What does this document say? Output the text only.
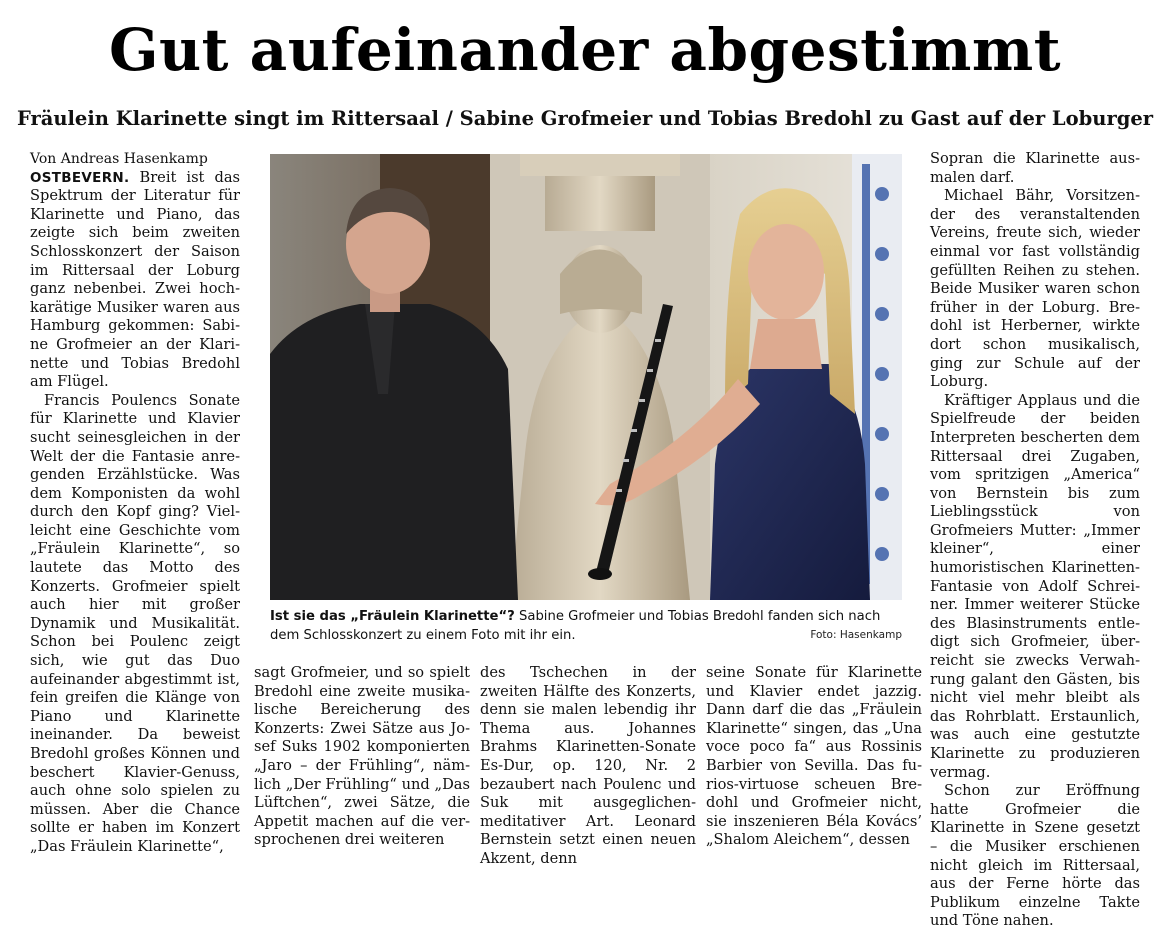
Gut aufeinander abgestimmt
Fräulein Klarinette singt im Rittersaal / Sabine Grofmeier und Tobias Bredohl zu Gast auf der Loburger

Von Andreas Hasenkamp

OSTBEVERN. Breit ist das Spektrum der Literatur für Klarinette und Piano, das zeigte sich beim zweiten Schlosskonzert der Saison im Rittersaal der Loburg ganz nebenbei. Zwei hochkarätige Musiker waren aus Hamburg gekommen: Sabine Grofmeier an der Klarinette und Tobias Bredohl am Flügel.

Francis Poulencs Sonate für Klarinette und Klavier sucht seinesgleichen in der Welt der die Fantasie anregenden Erzählstücke. Was dem Komponisten da wohl durch den Kopf ging? Vielleicht eine Geschichte vom „Fräulein Klarinette“, so lautete das Motto des Konzerts. Grofmeier spielt auch hier mit großer Dynamik und Musikalität. Schon bei Poulenc zeigt sich, wie gut das Duo aufeinander abgestimmt ist, fein greifen die Klänge von Piano und Klarinette ineinander. Da beweist Bredohl großes Können und beschert Klavier-Genuss, auch ohne solo spielen zu müssen. Aber die Chance sollte er haben im Konzert „Das Fräulein Klarinette“,

Ist sie das „Fräulein Klarinette“? Sabine Grofmeier und Tobias Bredohl fanden sich nach dem Schlosskonzert zu einem Foto mit ihr ein.	Foto: Hasenkamp

sagt Grofmeier, und so spielt Bredohl eine zweite musikalische Bereicherung des Konzerts: Zwei Sätze aus Josef Suks 1902 komponierten „Jaro – der Frühling“, nämlich „Der Frühling“ und „Das Lüftchen“, zwei Sätze, die Appetit machen auf die versprochenen drei weiteren

des Tschechen in der zweiten Hälfte des Konzerts, denn sie malen lebendig ihr Thema aus. Johannes Brahms Klarinetten-Sonate Es-Dur, op. 120, Nr. 2 bezaubert nach Poulenc und Suk mit ausgeglichen-meditativer Art. Leonard Bernstein setzt einen neuen Akzent, denn

seine Sonate für Klarinette und Klavier endet jazzig. Dann darf die das „Fräulein Klarinette“ singen, das „Una voce poco fa“ aus Rossinis Barbier von Sevilla. Das furios-virtuose scheuen Bredohl und Grofmeier nicht, sie inszenieren Béla Kovács’ „Shalom Aleichem“, dessen

Sopran die Klarinette ausmalen darf.

Michael Bähr, Vorsitzender des veranstaltenden Vereins, freute sich, wieder einmal vor fast vollständig gefüllten Reihen zu stehen. Beide Musiker waren schon früher in der Loburg. Bredohl ist Herberner, wirkte dort schon musikalisch, ging zur Schule auf der Loburg.

Kräftiger Applaus und die Spielfreude der beiden Interpreten bescherten dem Rittersaal drei Zugaben, vom spritzigen „America“ von Bernstein bis zum Lieblingsstück von Grofmeiers Mutter: „Immer kleiner“, einer humoristischen Klarinetten-Fantasie von Adolf Schreiner. Immer weiterer Stücke des Blasinstruments entledigt sich Grofmeier, überreicht sie zwecks Verwahrung galant den Gästen, bis nicht viel mehr bleibt als das Rohrblatt. Erstaunlich, was auch eine gestutzte Klarinette zu produzieren vermag.

Schon zur Eröffnung hatte Grofmeier die Klarinette in Szene gesetzt – die Musiker erschienen nicht gleich im Rittersaal, aus der Ferne hörte das Publikum einzelne Takte und Töne nahen.
